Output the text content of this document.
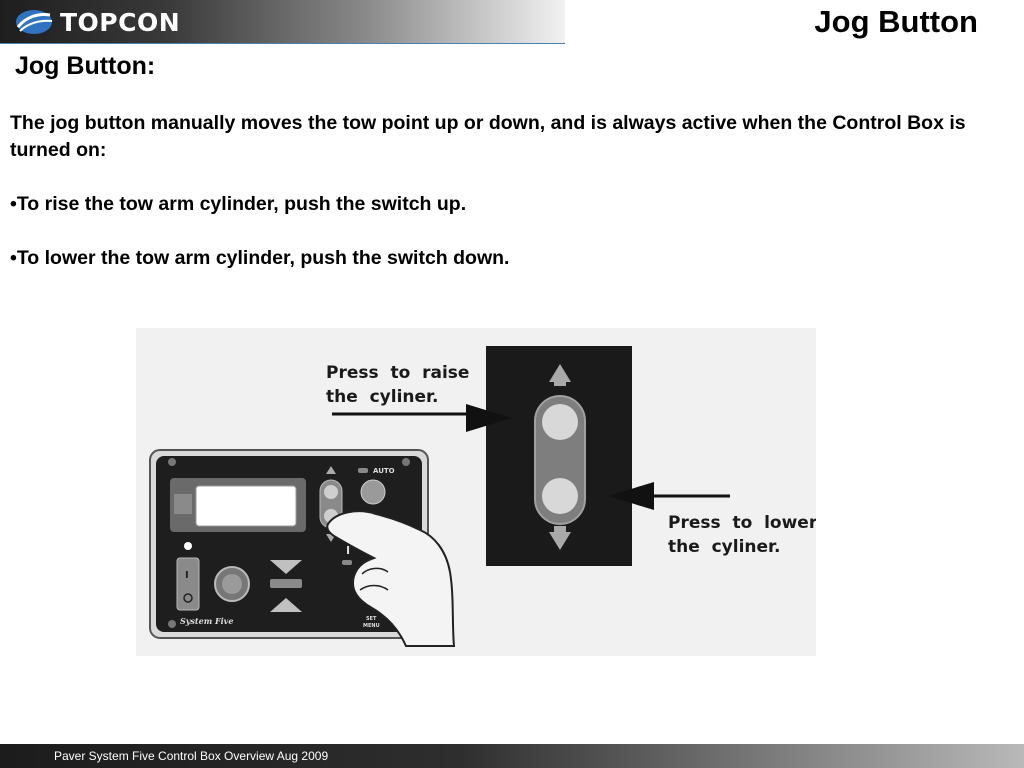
TOPCON	Jog Button
Jog Button:

The jog button manually moves the tow point up or down, and is always active when the Control Box is turned on:

•To rise the tow arm cylinder, push the switch up.

•To lower the tow arm cylinder, push the switch down.

AUTO
I
I
SET
MENU
System Five
Press  to  raise
the  cyliner.
Press  to  lower
the  cyliner.
Paver System Five Control Box Overview Aug 2009
